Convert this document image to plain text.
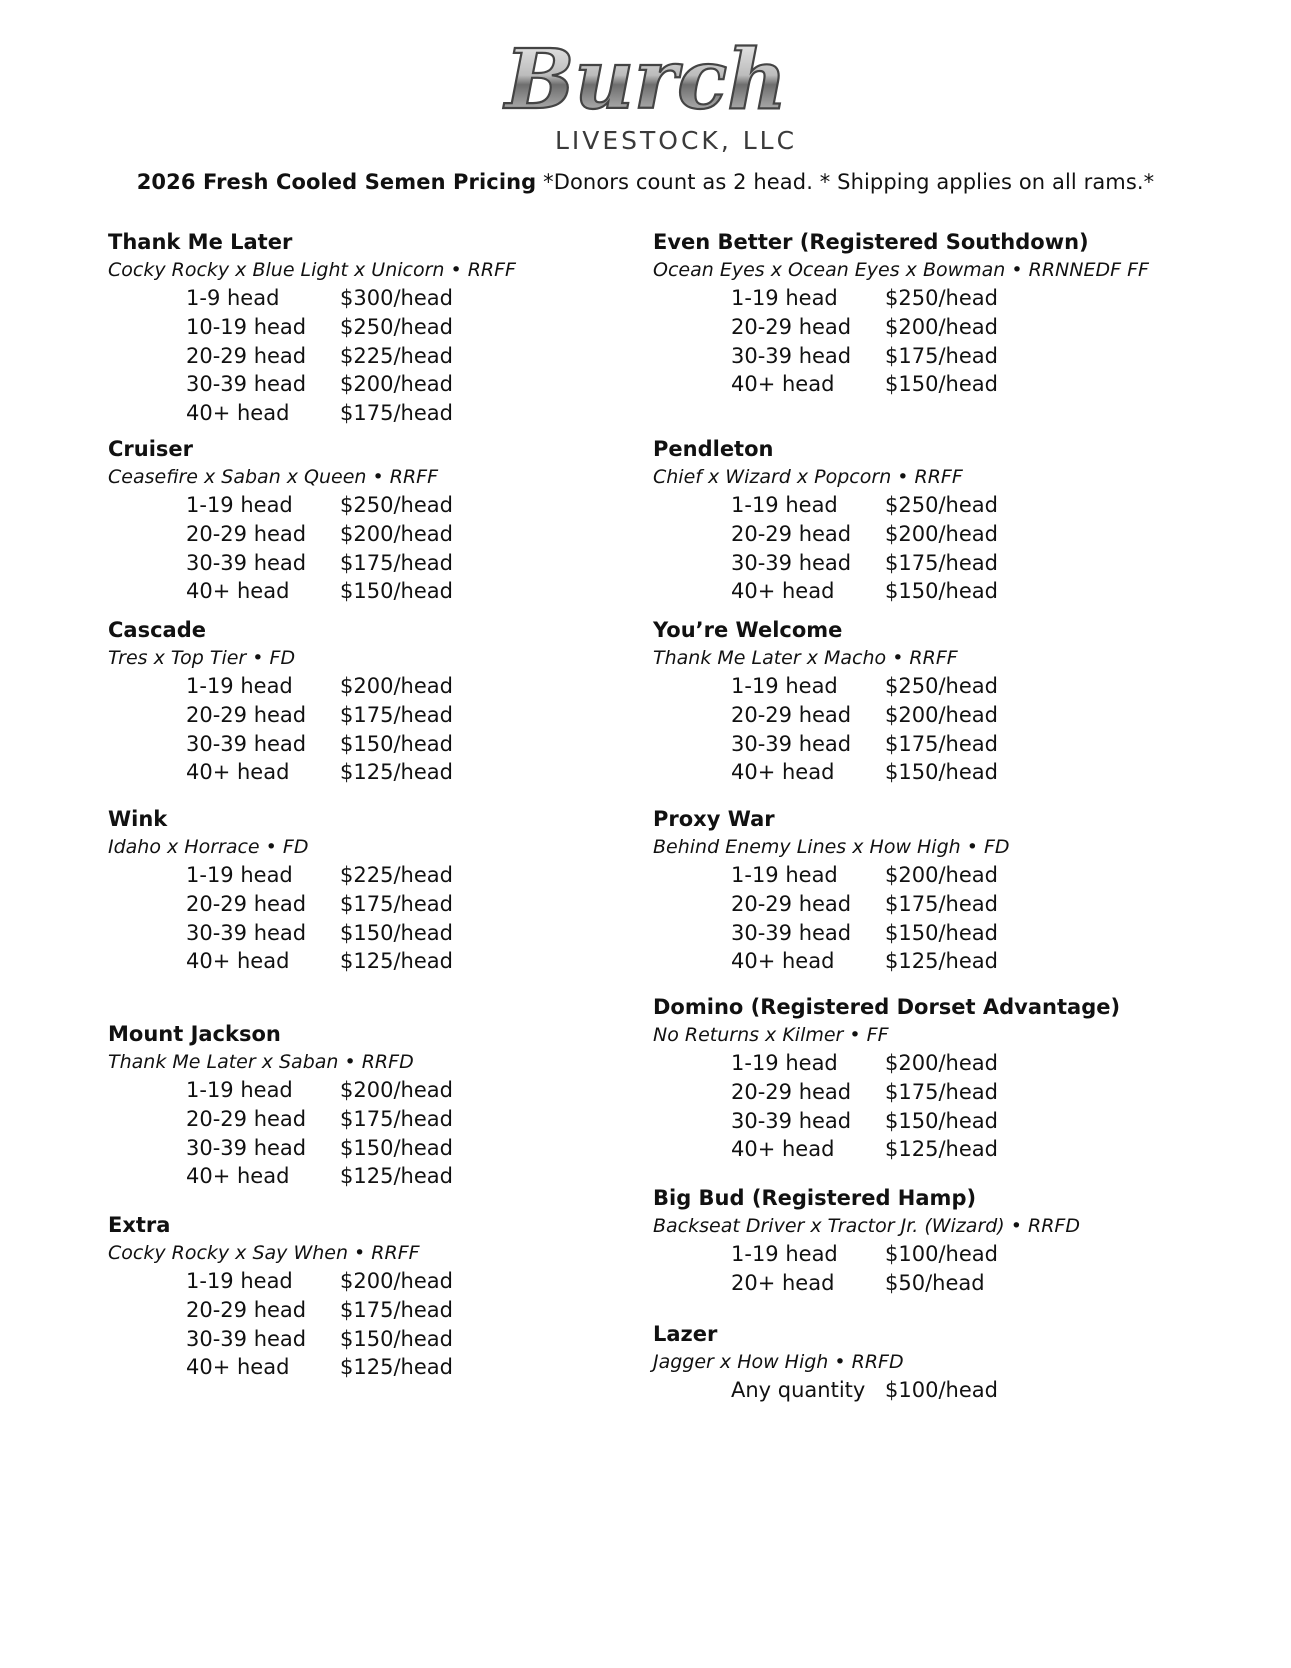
Burch
LIVESTOCK, LLC
2026 Fresh Cooled Semen Pricing *Donors count as 2 head. * Shipping applies on all rams.*
Thank Me Later
Cocky Rocky x Blue Light x Unicorn • RRFF
1-9 head	$300/head
10-19 head $250/head
20-29 head $225/head
30-39 head $200/head
40+ head $175/head
Cruiser
Ceasefire x Saban x Queen • RRFF
1-19 head $250/head
20-29 head $200/head
30-39 head $175/head
40+ head $150/head
Cascade
Tres x Top Tier • FD
1-19 head $200/head
20-29 head $175/head
30-39 head $150/head
40+ head $125/head
Wink
Idaho x Horrace • FD
1-19 head $225/head
20-29 head $175/head
30-39 head $150/head
40+ head $125/head
Mount Jackson
Thank Me Later x Saban • RRFD
1-19 head $200/head
20-29 head $175/head
30-39 head $150/head
40+ head $125/head
Extra
Cocky Rocky x Say When • RRFF
1-19 head $200/head
20-29 head $175/head
30-39 head $150/head
40+ head $125/head
Even Better (Registered Southdown)
Ocean Eyes x Ocean Eyes x Bowman • RRNNEDF FF
1-19 head $250/head
20-29 head $200/head
30-39 head $175/head
40+ head $150/head
Pendleton
Chief x Wizard x Popcorn • RRFF
1-19 head $250/head
20-29 head $200/head
30-39 head $175/head
40+ head $150/head
You’re Welcome
Thank Me Later x Macho • RRFF
1-19 head $250/head
20-29 head $200/head
30-39 head $175/head
40+ head $150/head
Proxy War
Behind Enemy Lines x How High • FD
1-19 head $200/head
20-29 head $175/head
30-39 head $150/head
40+ head $125/head
Domino (Registered Dorset Advantage)
No Returns x Kilmer • FF
1-19 head $200/head
20-29 head $175/head
30-39 head $150/head
40+ head $125/head
Big Bud (Registered Hamp)
Backseat Driver x Tractor Jr. (Wizard) • RRFD
1-19 head $100/head
20+ head $50/head
Lazer
Jagger x How High • RRFD
Any quantity $100/head
